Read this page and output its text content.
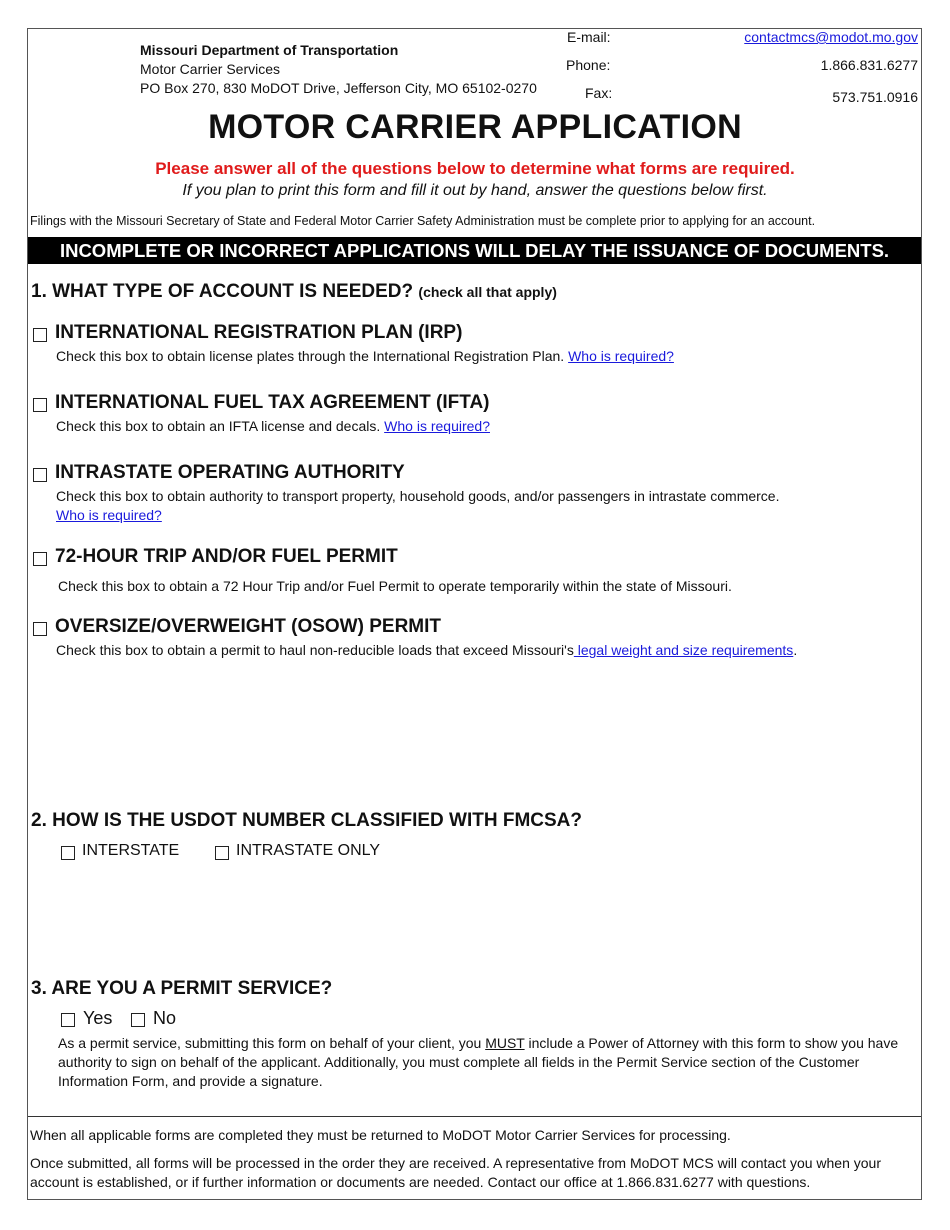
Missouri Department of Transportation
Motor Carrier Services
PO Box 270, 830 MoDOT Drive, Jefferson City, MO 65102-0270
E-mail:	contactmcs@modot.mo.gov
Phone:	1.866.831.6277
Fax:	573.751.0916
MOTOR CARRIER APPLICATION
Please answer all of the questions below to determine what forms are required.
If you plan to print this form and fill it out by hand, answer the questions below first.
Filings with the Missouri Secretary of State and Federal Motor Carrier Safety Administration must be complete prior to applying for an account.
INCOMPLETE OR INCORRECT APPLICATIONS WILL DELAY THE ISSUANCE OF DOCUMENTS.
1. WHAT TYPE OF ACCOUNT IS NEEDED? (check all that apply)
INTERNATIONAL REGISTRATION PLAN (IRP)
Check this box to obtain license plates through the International Registration Plan. Who is required?
INTERNATIONAL FUEL TAX AGREEMENT (IFTA)
Check this box to obtain an IFTA license and decals. Who is required?
INTRASTATE OPERATING AUTHORITY
Check this box to obtain authority to transport property, household goods, and/or passengers in intrastate commerce.
Who is required?
72-HOUR TRIP AND/OR FUEL PERMIT
Check this box to obtain a 72 Hour Trip and/or Fuel Permit to operate temporarily within the state of Missouri.
OVERSIZE/OVERWEIGHT (OSOW) PERMIT
Check this box to obtain a permit to haul non-reducible loads that exceed Missouri's legal weight and size requirements.
2. HOW IS THE USDOT NUMBER CLASSIFIED WITH FMCSA?
INTERSTATE	INTRASTATE ONLY
3. ARE YOU A PERMIT SERVICE?
Yes No
As a permit service, submitting this form on behalf of your client, you MUST include a Power of Attorney with this form to show you have authority to sign on behalf of the applicant. Additionally, you must complete all fields in the Permit Service section of the Customer Information Form, and provide a signature.
When all applicable forms are completed they must be returned to MoDOT Motor Carrier Services for processing.
Once submitted, all forms will be processed in the order they are received. A representative from MoDOT MCS will contact you when your account is established, or if further information or documents are needed. Contact our office at 1.866.831.6277 with questions.
